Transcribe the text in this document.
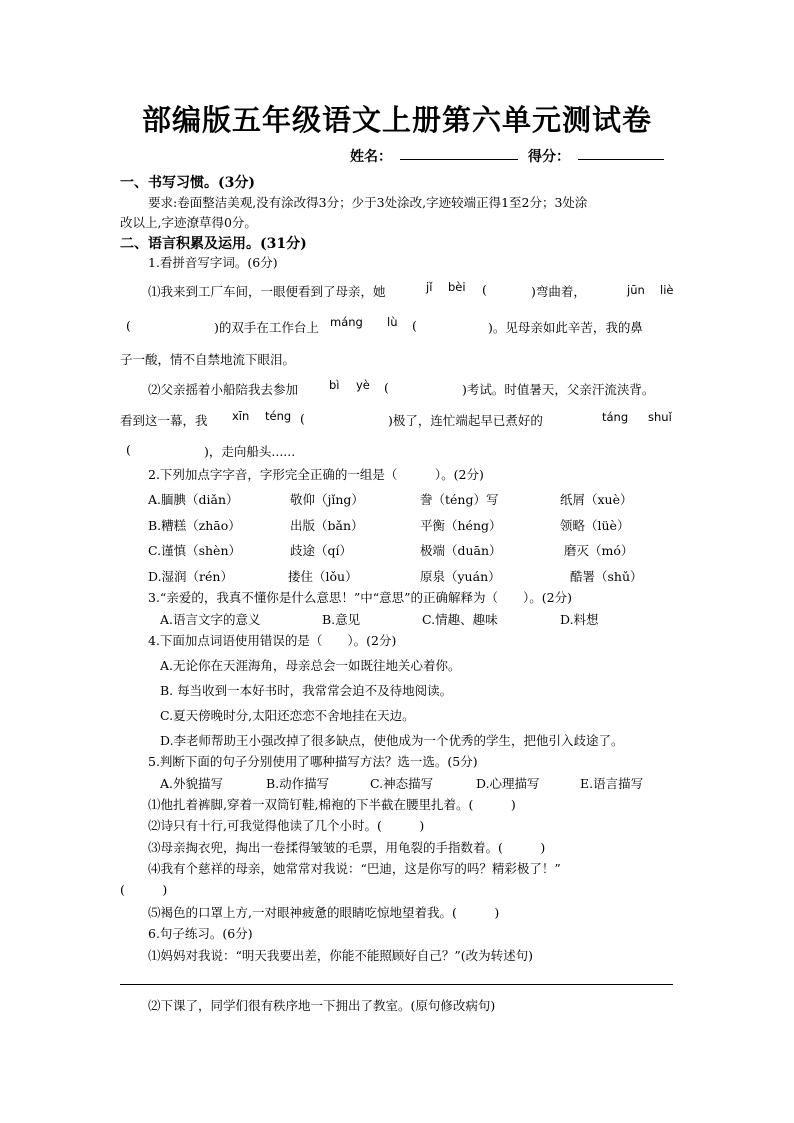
部编版五年级语文上册第六单元测试卷
姓名：	得分：
一、书写习惯。(3分)
要求:卷面整洁美观,没有涂改得3分；少于3处涂改,字迹较端正得1至2分；3处涂
改以上,字迹潦草得0分。
二、语言积累及运用。(31分)
1.看拼音写字词。(6分)
jǐ bèi	jūn liè
⑴我来到工厂车间，一眼便看到了母亲，她	(	)弯曲着，
máng lù
(	)的双手在工作台上	(	)。见母亲如此辛苦，我的鼻
子一酸，情不自禁地流下眼泪。
bì yè
⑵父亲摇着小船陪我去参加	(	)考试。时值暑天，父亲汗流浃背。
xīn téng	táng shuǐ
看到这一幕，我	(	)极了，连忙端起早已煮好的
(	)，走向船头......
2.下列加点字字音，字形完全正确的一组是（　　　）。(2分)
A.腼腆（diǎn）	敬仰（jǐng）	誊（téng）写	纸屑（xuè）
B.糟糕（zhāo）	出版（bǎn）	平衡（héng）	领略（lüè）
C.谨慎（shèn）	歧途（qí）	极端（duān）	磨灭（mó）
D.湿润（rén）	搂住（lǒu）	原泉（yuán）	酷署（shǔ）
3.“亲爱的，我真不懂你是什么意思！”中“意思”的正确解释为（　　）。(2分)
A.语言文字的意义	B.意见	C.情趣、趣味	D.料想
4.下面加点词语使用错误的是（　　）。(2分)
A.无论你在天涯海角，母亲总会一如既往地关心着你。
B. 每当收到一本好书时，我常常会迫不及待地阅读。
C.夏天傍晚时分,太阳还恋恋不舍地挂在天边。
D.李老师帮助王小强改掉了很多缺点，使他成为一个优秀的学生，把他引入歧途了。
5.判断下面的句子分别使用了哪种描写方法？选一选。(5分)
A.外貌描写	B.动作描写	C.神态描写	D.心理描写	E.语言描写
⑴他扎着裤脚,穿着一双筒钉鞋,棉袍的下半截在腰里扎着。(　　　)
⑵诗只有十行,可我觉得他读了几个小时。(　　　)
⑶母亲掏衣兜，掏出一卷揉得皱皱的毛票，用龟裂的手指数着。(　　　)
⑷我有个慈祥的母亲，她常常对我说：“巴迪，这是你写的吗？精彩极了！”
(　　　)
⑸褐色的口罩上方,一对眼神疲惫的眼睛吃惊地望着我。(　　　)
6.句子练习。(6分)
⑴妈妈对我说：“明天我要出差，你能不能照顾好自己？”(改为转述句)
⑵下课了，同学们很有秩序地一下拥出了教室。(原句修改病句)
